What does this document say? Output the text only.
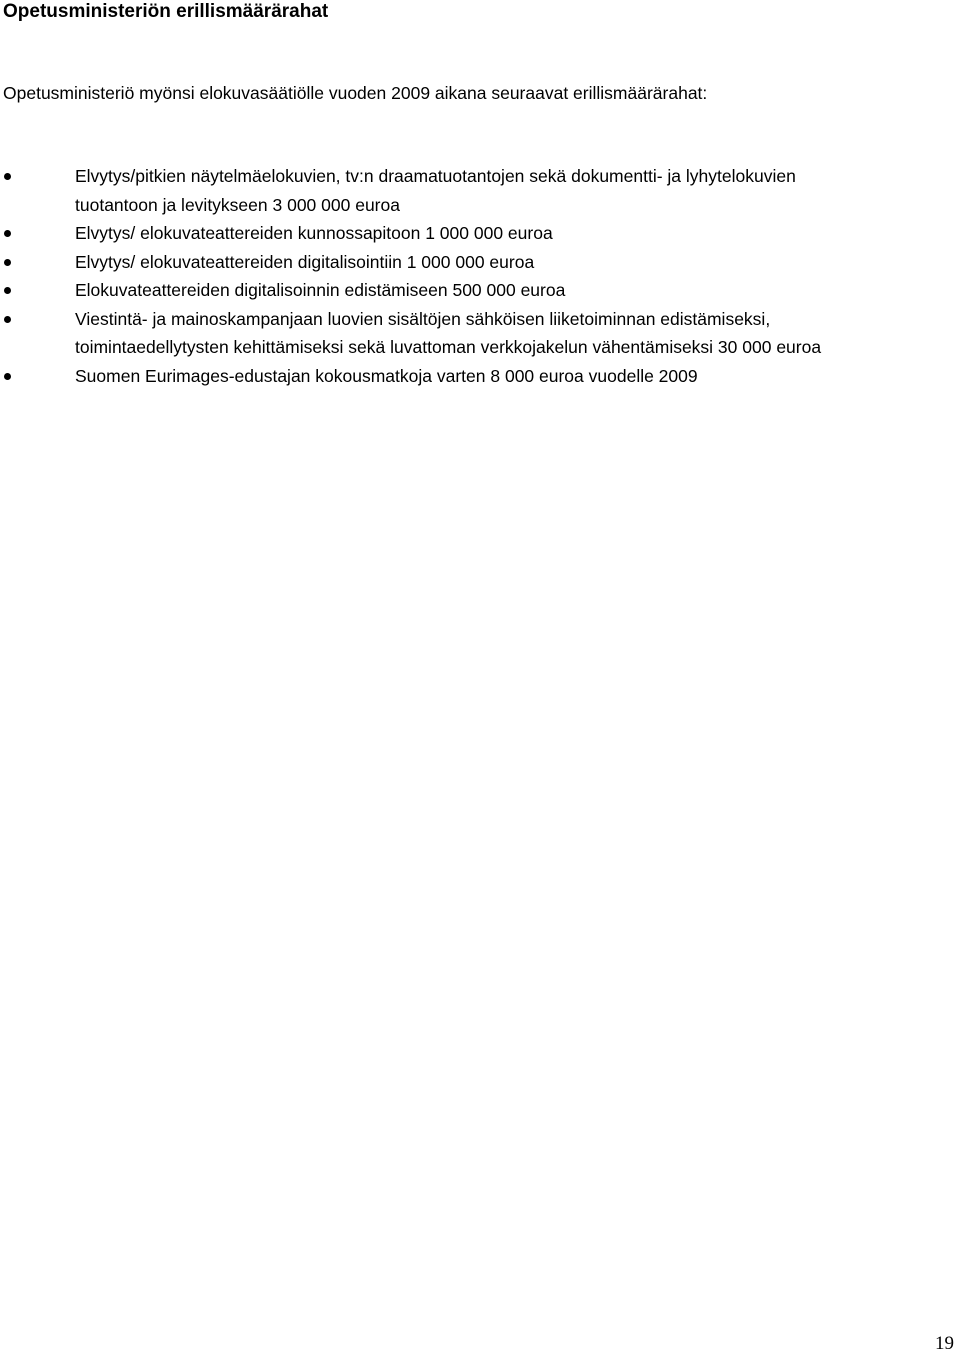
Opetusministeriön erillismäärärahat
Opetusministeriö myönsi elokuvasäätiölle vuoden 2009 aikana seuraavat erillismäärärahat:
Elvytys/pitkien näytelmäelokuvien, tv:n draamatuotantojen sekä dokumentti- ja lyhytelokuvien
tuotantoon ja levitykseen 3 000 000 euroa
Elvytys/ elokuvateattereiden kunnossapitoon 1 000 000 euroa
Elvytys/ elokuvateattereiden digitalisointiin 1 000 000 euroa
Elokuvateattereiden digitalisoinnin edistämiseen 500 000 euroa
Viestintä- ja mainoskampanjaan luovien sisältöjen sähköisen liiketoiminnan edistämiseksi,
toimintaedellytysten kehittämiseksi sekä luvattoman verkkojakelun vähentämiseksi 30 000 euroa
Suomen Eurimages-edustajan kokousmatkoja varten 8 000 euroa vuodelle 2009
19
